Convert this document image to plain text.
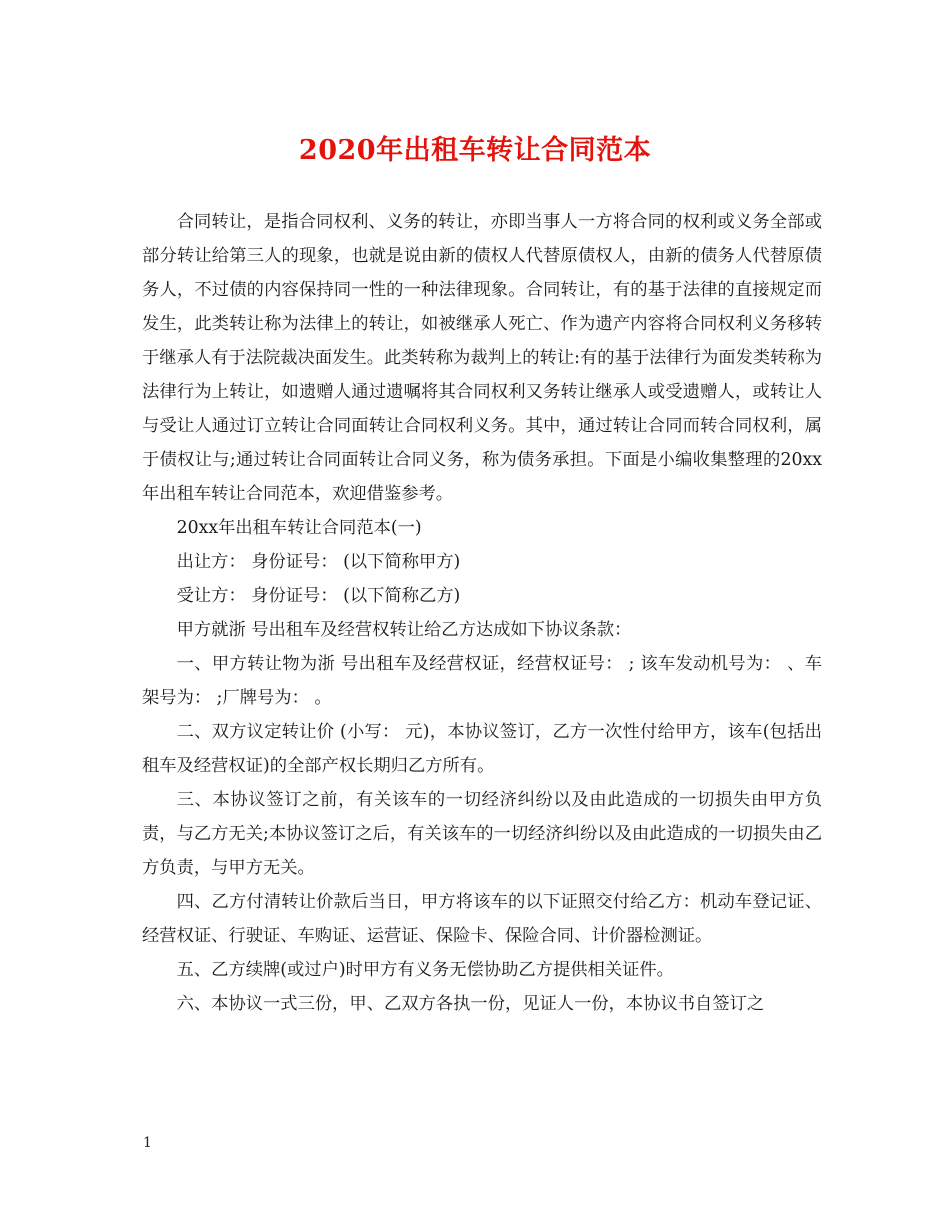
2020年出租车转让合同范本

合同转让，是指合同权利、义务的转让，亦即当事人一方将合同的权利或义务全部或部分转让给第三人的现象，也就是说由新的债权人代替原债权人，由新的债务人代替原债务人，不过债的内容保持同一性的一种法律现象。合同转让，有的基于法律的直接规定而发生，此类转让称为法律上的转让，如被继承人死亡、作为遗产内容将合同权利义务移转于继承人有于法院裁决面发生。此类转称为裁判上的转让:有的基于法律行为面发类转称为法律行为上转让，如遗赠人通过遗嘱将其合同权利又务转让继承人或受遗赠人，或转让人与受让人通过订立转让合同面转让合同权利义务。其中，通过转让合同而转合同权利，属于债权让与;通过转让合同面转让合同义务，称为债务承担。下面是小编收集整理的20xx年出租车转让合同范本，欢迎借鉴参考。

20xx年出租车转让合同范本(一)

出让方： 身份证号： (以下简称甲方)

受让方： 身份证号： (以下简称乙方)

甲方就浙 号出租车及经营权转让给乙方达成如下协议条款：

一、甲方转让物为浙 号出租车及经营权证，经营权证号： ; 该车发动机号为： 、车架号为： ;厂牌号为： 。

二、双方议定转让价 (小写： 元)，本协议签订，乙方一次性付给甲方，该车(包括出租车及经营权证)的全部产权长期归乙方所有。

三、本协议签订之前，有关该车的一切经济纠纷以及由此造成的一切损失由甲方负责，与乙方无关;本协议签订之后，有关该车的一切经济纠纷以及由此造成的一切损失由乙方负责，与甲方无关。

四、乙方付清转让价款后当日，甲方将该车的以下证照交付给乙方：机动车登记证、经营权证、行驶证、车购证、运营证、保险卡、保险合同、计价器检测证。

五、乙方续牌(或过户)时甲方有义务无偿协助乙方提供相关证件。

六、本协议一式三份，甲、乙双方各执一份，见证人一份，本协议书自签订之

1
